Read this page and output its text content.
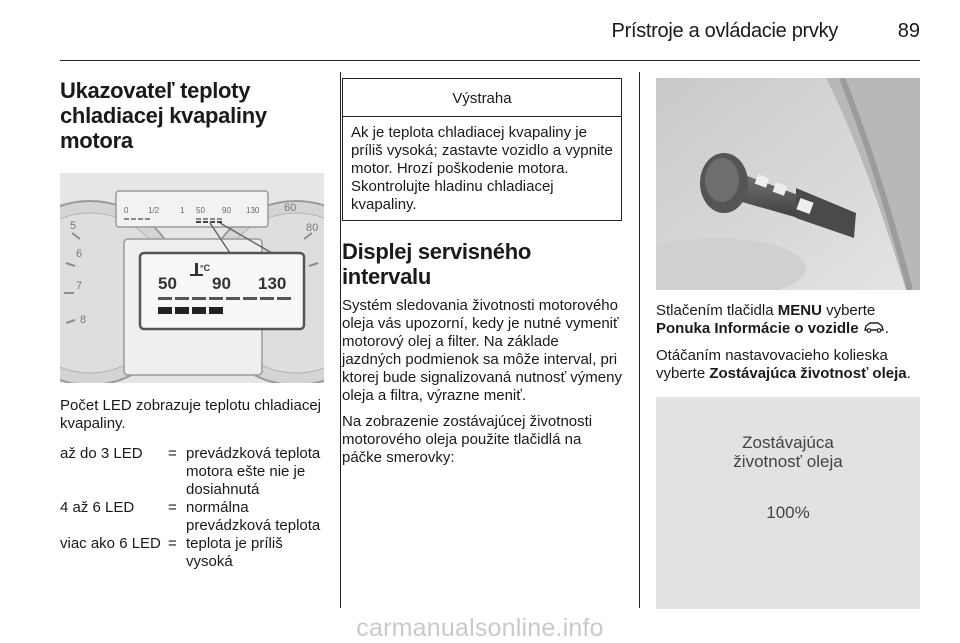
Prístroje a ovládacie prvky	89
Ukazovateľ teploty chladiacej kvapaliny motora
6
7
8
5
60
80
0 1/2	1 50 90 130
50 90 130
°C

Počet LED zobrazuje teplotu chladiacej kvapaliny.

až do 3 LED	= prevádzková teplota motora ešte nie je dosiahnutá
4 až 6 LED	= normálna prevádzková teplota
viac ako 6 LED = teplota je príliš vysoká
Výstraha
Ak je teplota chladiacej kvapaliny je príliš vysoká; zastavte vozidlo a vypnite motor. Hrozí poškodenie motora. Skontrolujte hladinu chladiacej kvapaliny.
Displej servisného intervalu

Systém sledovania životnosti motorového oleja vás upozorní, kedy je nutné vymeniť motorový olej a filter. Na základe jazdných podmienok sa môže interval, pri ktorej bude signalizovaná nutnosť výmeny oleja a filtra, výrazne meniť.

Na zobrazenie zostávajúcej životnosti motorového oleja použite tlačidlá na páčke smerovky:

Stlačením tlačidla MENU vyberte Ponuka Informácie o vozidle .

Otáčaním nastavovacieho kolieska vyberte Zostávajúca životnosť oleja.

Zostávajúca životnosť oleja
100%
carmanualsonline.info
